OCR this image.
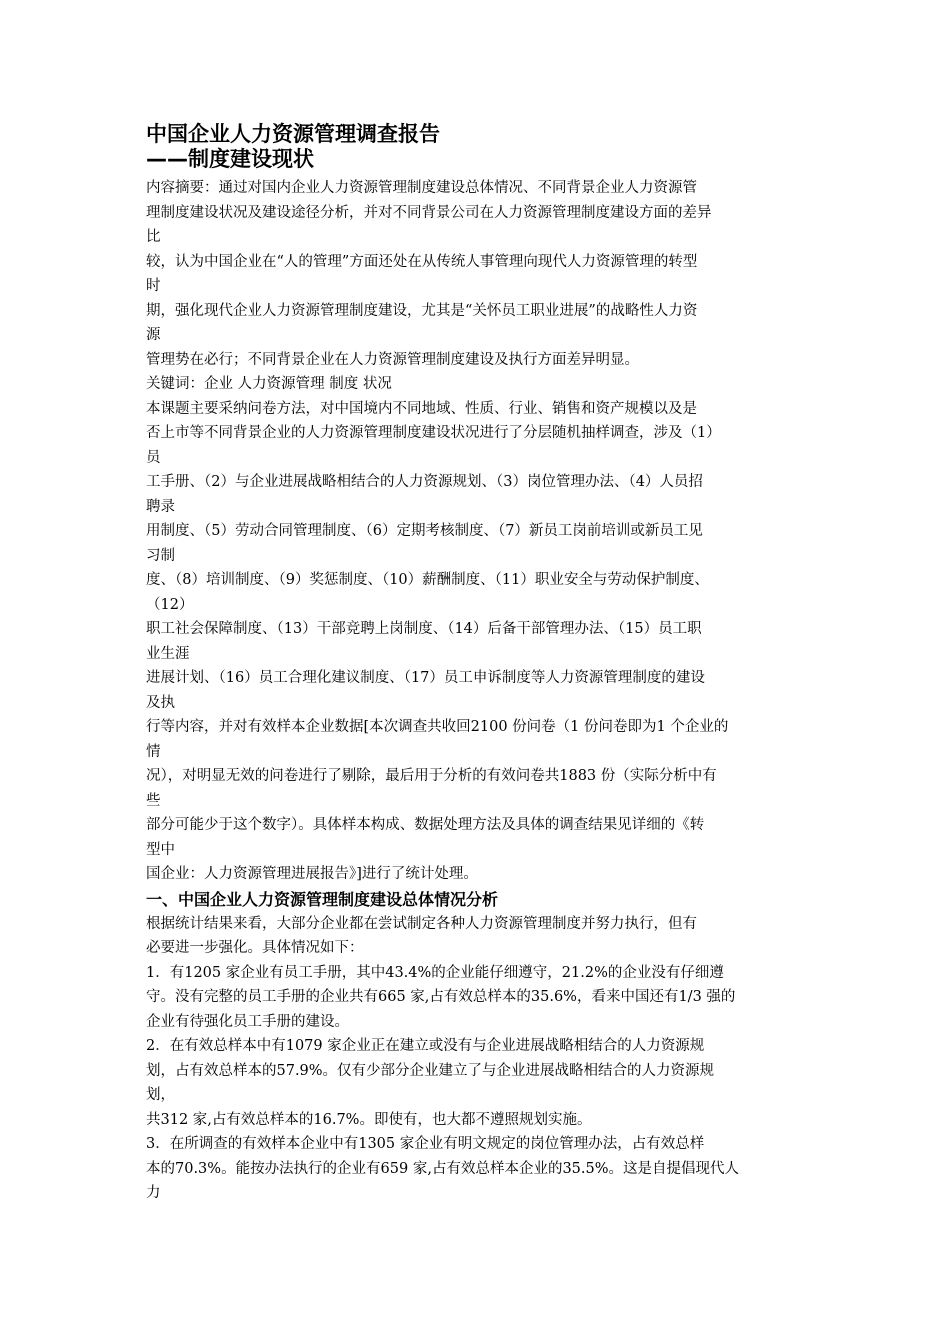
中国企业人力资源管理调查报告
——制度建设现状

内容摘要：通过对国内企业人力资源管理制度建设总体情况、不同背景企业人力资源管

理制度建设状况及建设途径分析，并对不同背景公司在人力资源管理制度建设方面的差异

比

较，认为中国企业在“人的管理”方面还处在从传统人事管理向现代人力资源管理的转型

时

期，强化现代企业人力资源管理制度建设，尤其是“关怀员工职业进展”的战略性人力资

源

管理势在必行；不同背景企业在人力资源管理制度建设及执行方面差异明显。

关键词：企业 人力资源管理 制度 状况

本课题主要采纳问卷方法，对中国境内不同地域、性质、行业、销售和资产规模以及是

否上市等不同背景企业的人力资源管理制度建设状况进行了分层随机抽样调查，涉及（1）

员

工手册、（2）与企业进展战略相结合的人力资源规划、（3）岗位管理办法、（4）人员招

聘录

用制度、（5）劳动合同管理制度、（6）定期考核制度、（7）新员工岗前培训或新员工见

习制

度、（8）培训制度、（9）奖惩制度、（10）薪酬制度、（11）职业安全与劳动保护制度、

（12）

职工社会保障制度、（13）干部竞聘上岗制度、（14）后备干部管理办法、（15）员工职

业生涯

进展计划、（16）员工合理化建议制度、（17）员工申诉制度等人力资源管理制度的建设

及执

行等内容，并对有效样本企业数据[本次调查共收回2100 份问卷（1 份问卷即为1 个企业的

情

况），对明显无效的问卷进行了剔除，最后用于分析的有效问卷共1883 份（实际分析中有

些

部分可能少于这个数字）。具体样本构成、数据处理方法及具体的调查结果见详细的《转

型中

国企业：人力资源管理进展报告》]进行了统计处理。

一、中国企业人力资源管理制度建设总体情况分析

根据统计结果来看，大部分企业都在尝试制定各种人力资源管理制度并努力执行，但有

必要进一步强化。具体情况如下：

1．有1205 家企业有员工手册，其中43.4%的企业能仔细遵守，21.2%的企业没有仔细遵

守。没有完整的员工手册的企业共有665 家,占有效总样本的35.6%，看来中国还有1/3 强的

企业有待强化员工手册的建设。

2．在有效总样本中有1079 家企业正在建立或没有与企业进展战略相结合的人力资源规

划，占有效总样本的57.9%。仅有少部分企业建立了与企业进展战略相结合的人力资源规

划，

共312 家,占有效总样本的16.7%。即使有，也大都不遵照规划实施。

3．在所调查的有效样本企业中有1305 家企业有明文规定的岗位管理办法，占有效总样

本的70.3%。能按办法执行的企业有659 家,占有效总样本企业的35.5%。这是自提倡现代人

力
